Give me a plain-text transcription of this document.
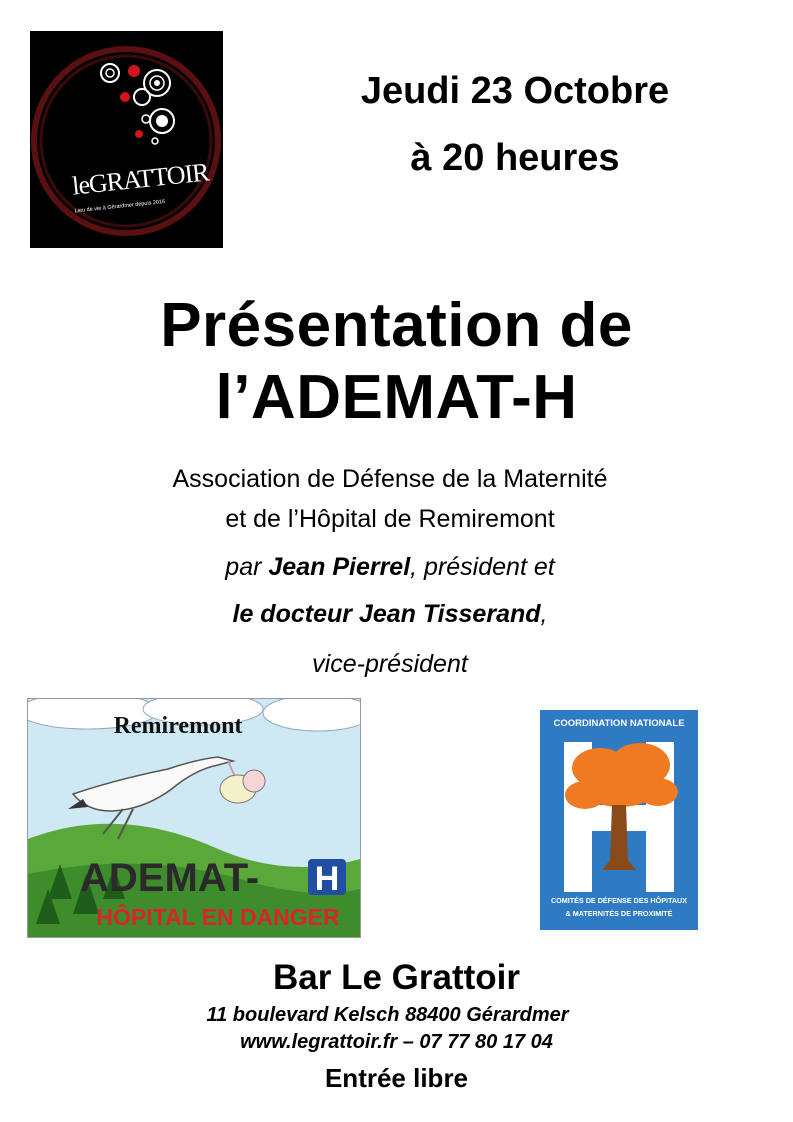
leGRATTOIR
Lieu de vie à Gérardmer depuis 2016
Jeudi 23 Octobre
à 20 heures
Présentation de
l’ADEMAT-H
Association de Défense de la Maternité
et de l’Hôpital de Remiremont
par Jean Pierrel, président et
le docteur Jean Tisserand,
vice-président
Remiremont
ADEMAT- H
HÔPITAL EN DANGER
COORDINATION NATIONALE
COMITÉS DE DÉFENSE DES HÔPITAUX
& MATERNITÉS DE PROXIMITÉ
Bar Le Grattoir
11 boulevard Kelsch 88400 Gérardmer
www.legrattoir.fr – 07 77 80 17 04
Entrée libre
